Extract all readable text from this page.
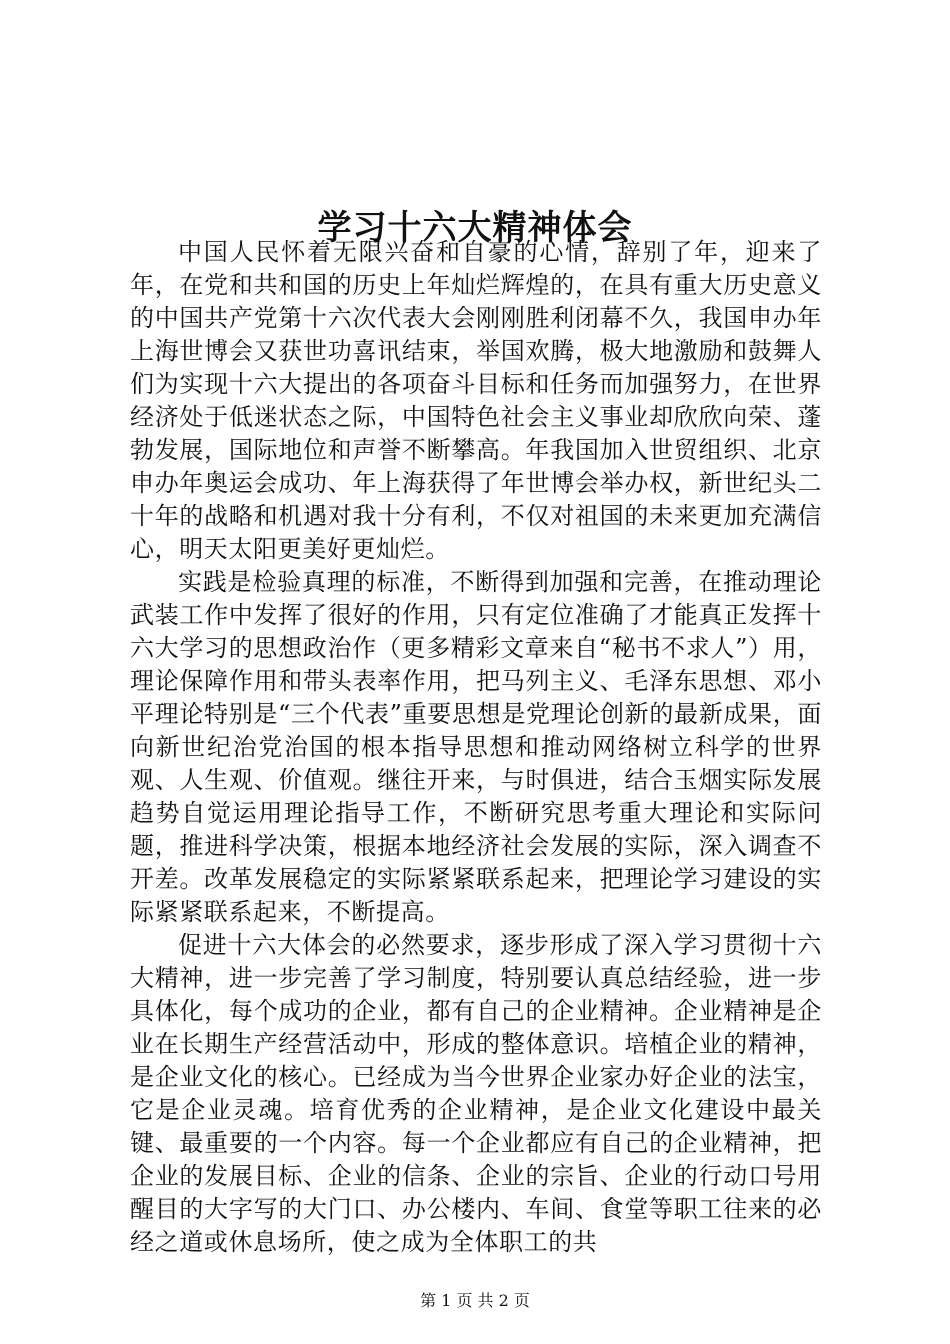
学习十六大精神体会

中国人民怀着无限兴奋和自豪的心情，辞别了年，迎来了年，在党和共和国的历史上年灿烂辉煌的，在具有重大历史意义的中国共产党第十六次代表大会刚刚胜利闭幕不久，我国申办年上海世博会又获世功喜讯结束，举国欢腾，极大地激励和鼓舞人们为实现十六大提出的各项奋斗目标和任务而加强努力，在世界经济处于低迷状态之际，中国特色社会主义事业却欣欣向荣、蓬勃发展，国际地位和声誉不断攀高。年我国加入世贸组织、北京申办年奥运会成功、年上海获得了年世博会举办权，新世纪头二十年的战略和机遇对我十分有利，不仅对祖国的未来更加充满信心，明天太阳更美好更灿烂。

实践是检验真理的标准，不断得到加强和完善，在推动理论武装工作中发挥了很好的作用，只有定位准确了才能真正发挥十六大学习的思想政治作（更多精彩文章来自“秘书不求人”）用，理论保障作用和带头表率作用，把马列主义、毛泽东思想、邓小平理论特别是“三个代表”重要思想是党理论创新的最新成果，面向新世纪治党治国的根本指导思想和推动网络树立科学的世界观、人生观、价值观。继往开来，与时俱进，结合玉烟实际发展趋势自觉运用理论指导工作，不断研究思考重大理论和实际问题，推进科学决策，根据本地经济社会发展的实际，深入调查不开差。改革发展稳定的实际紧紧联系起来，把理论学习建设的实际紧紧联系起来，不断提高。

促进十六大体会的必然要求，逐步形成了深入学习贯彻十六大精神，进一步完善了学习制度，特别要认真总结经验，进一步具体化，每个成功的企业，都有自己的企业精神。企业精神是企业在长期生产经营活动中，形成的整体意识。培植企业的精神，是企业文化的核心。已经成为当今世界企业家办好企业的法宝，它是企业灵魂。培育优秀的企业精神，是企业文化建设中最关键、最重要的一个内容。每一个企业都应有自己的企业精神，把企业的发展目标、企业的信条、企业的宗旨、企业的行动口号用醒目的大字写的大门口、办公楼内、车间、食堂等职工往来的必经之道或休息场所，使之成为全体职工的共

第 1 页 共 2 页
